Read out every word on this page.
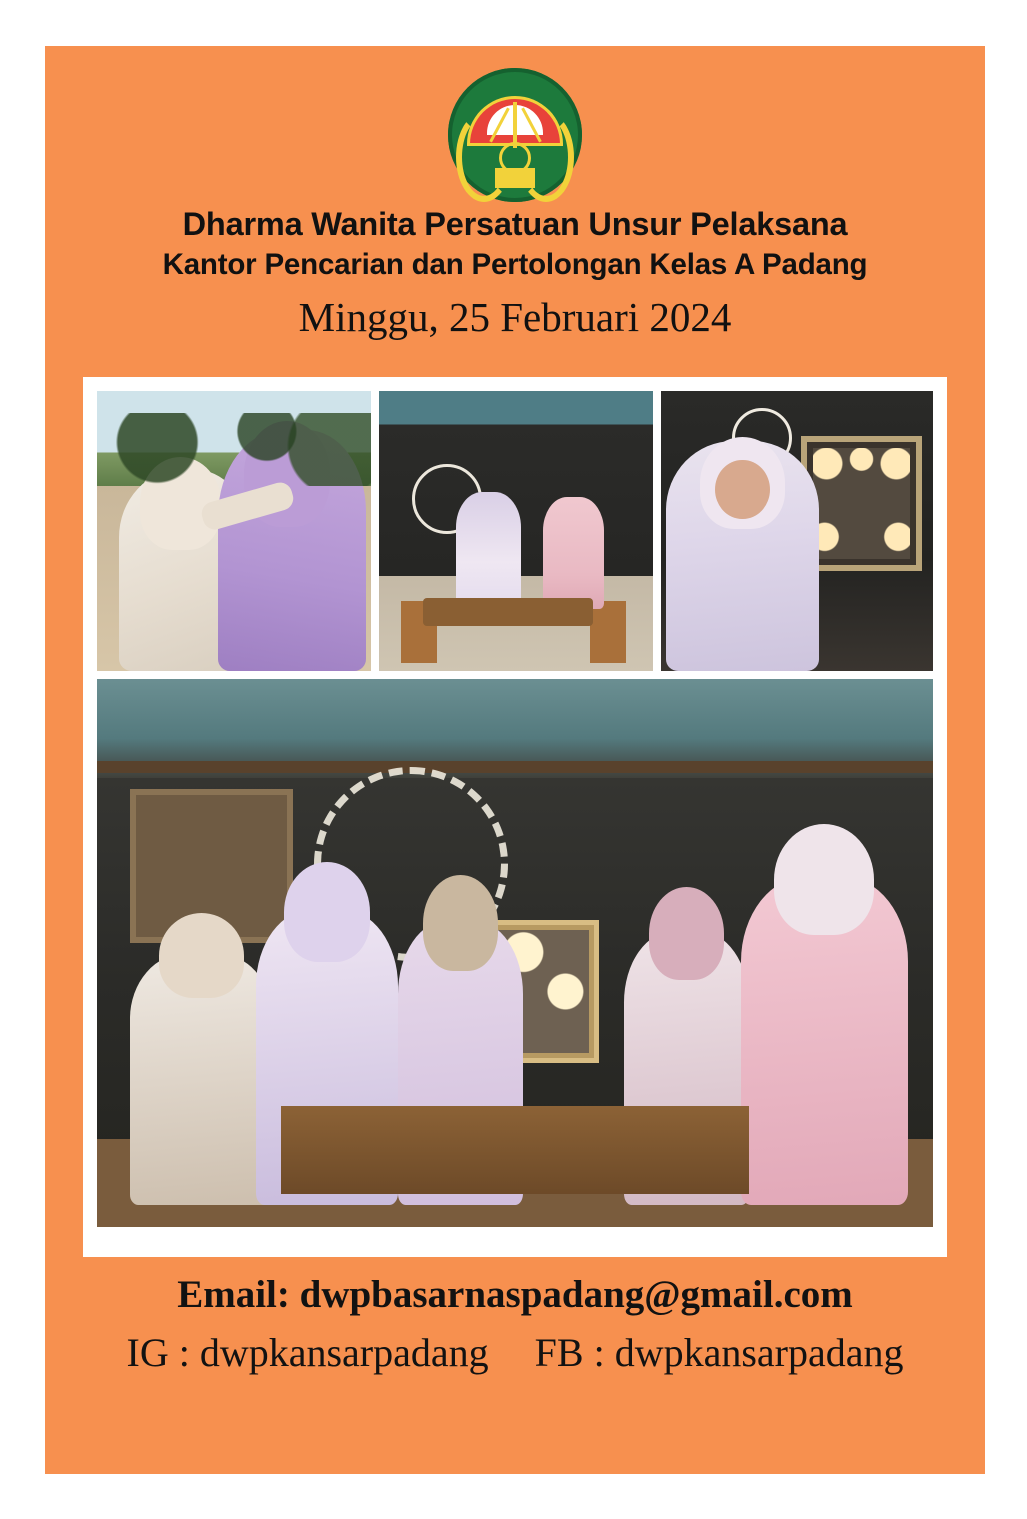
Dharma Wanita Persatuan Unsur Pelaksana
Kantor Pencarian dan Pertolongan Kelas A Padang
Minggu, 25 Februari 2024
Email: dwpbasarnaspadang@gmail.com
IG : dwpkansarpadang FB : dwpkansarpadang
